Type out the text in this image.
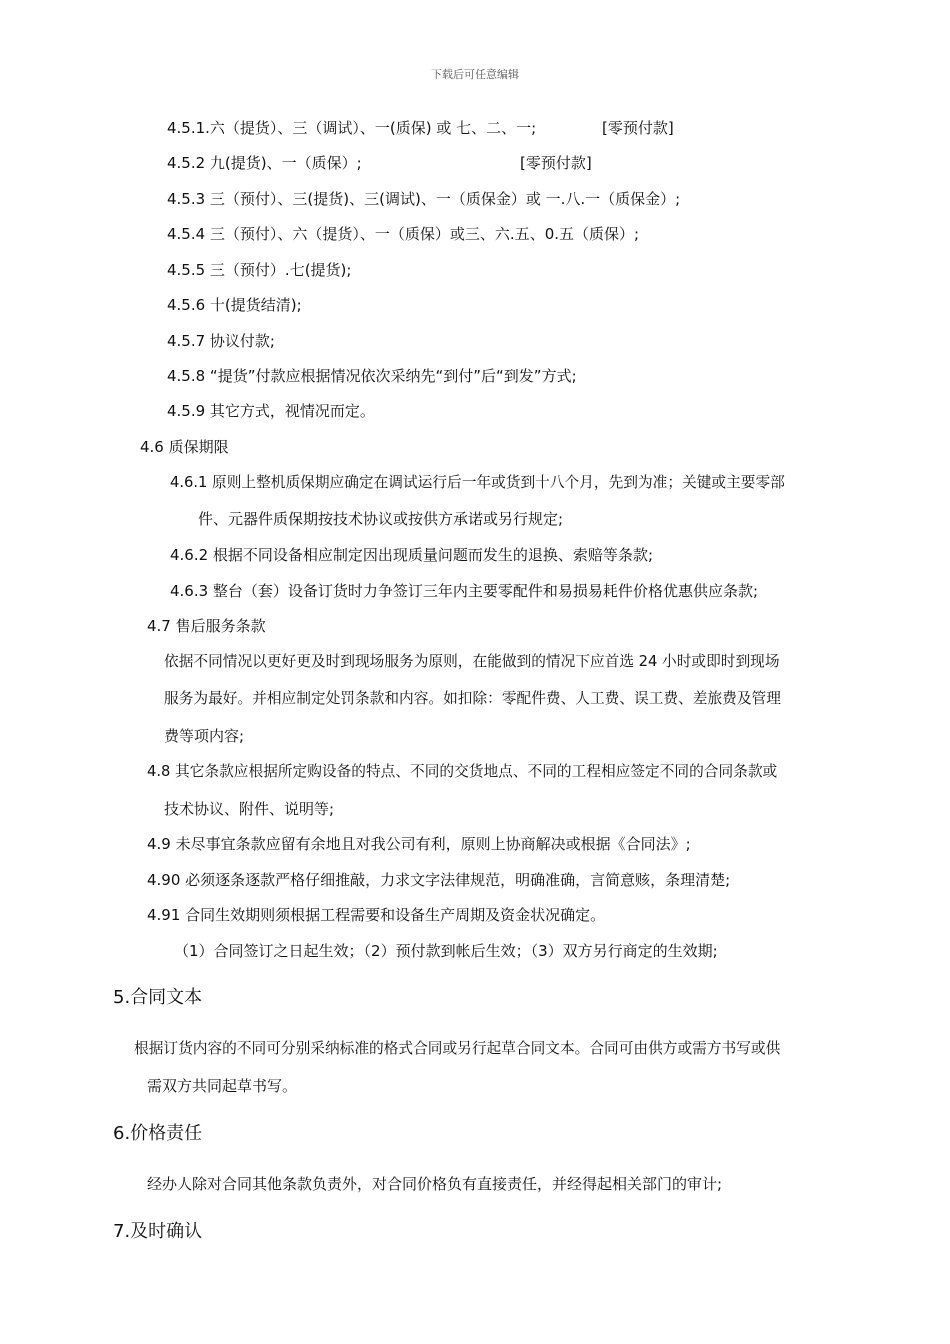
下载后可任意编辑
4.5.1.六（提货）、三（调试）、一(质保) 或 七、二、一;	[零预付款]
4.5.2 九(提货)、一（质保）;	[零预付款]
4.5.3 三（预付）、三(提货)、三(调试)、一（质保金）或 一.八.一（质保金）;
4.5.4 三（预付）、六（提货）、一（质保）或三、六.五、0.五（质保）;
4.5.5 三（预付）.七(提货);
4.5.6 十(提货结清);
4.5.7 协议付款;
4.5.8 “提货”付款应根据情况依次采纳先“到付”后“到发”方式;
4.5.9 其它方式，视情况而定。
4.6 质保期限
4.6.1 原则上整机质保期应确定在调试运行后一年或货到十八个月，先到为准；关键或主要零部
件、元器件质保期按技术协议或按供方承诺或另行规定;
4.6.2 根据不同设备相应制定因出现质量问题而发生的退换、索赔等条款;
4.6.3 整台（套）设备订货时力争签订三年内主要零配件和易损易耗件价格优惠供应条款;
4.7 售后服务条款
依据不同情况以更好更及时到现场服务为原则，在能做到的情况下应首选 24 小时或即时到现场
服务为最好。并相应制定处罚条款和内容。如扣除：零配件费、人工费、误工费、差旅费及管理
费等项内容;
4.8 其它条款应根据所定购设备的特点、不同的交货地点、不同的工程相应签定不同的合同条款或
技术协议、附件、说明等;
4.9 未尽事宜条款应留有余地且对我公司有利，原则上协商解决或根据《合同法》;
4.90 必须逐条逐款严格仔细推敲，力求文字法律规范，明确准确，言简意赅，条理清楚;
4.91 合同生效期则须根据工程需要和设备生产周期及资金状况确定。
（1）合同签订之日起生效；（2）预付款到帐后生效；（3）双方另行商定的生效期;
5.合同文本
根据订货内容的不同可分别采纳标准的格式合同或另行起草合同文本。合同可由供方或需方书写或供
需双方共同起草书写。
6.价格责任
经办人除对合同其他条款负责外，对合同价格负有直接责任，并经得起相关部门的审计;
7.及时确认
